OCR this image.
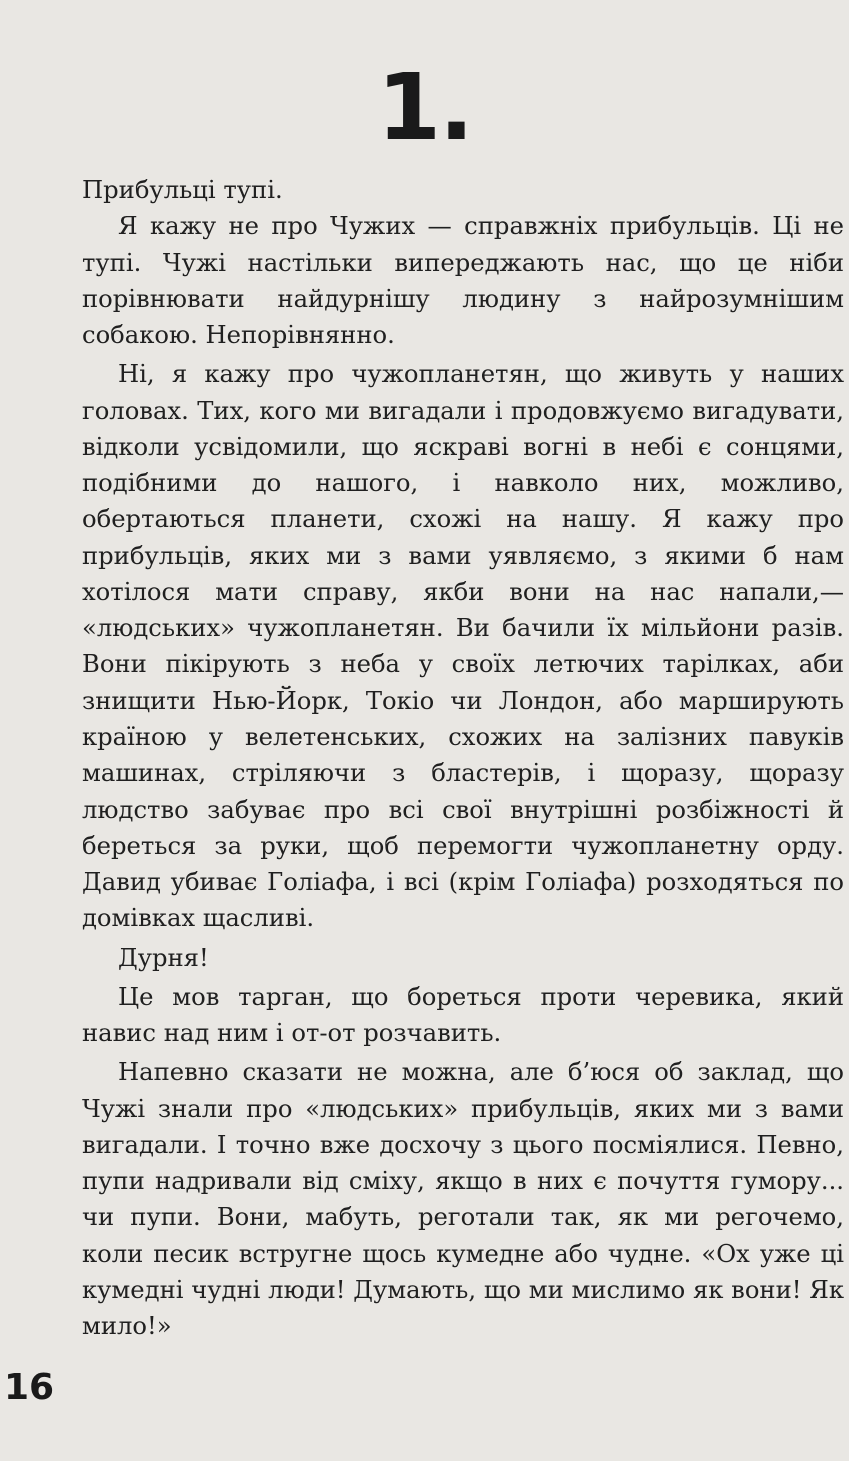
1.

Прибульці тупі.

Я кажу не про Чужих — справжніх прибульців. Ці не тупі. Чужі настільки випереджають нас, що це ніби порівнювати найдурнішу людину з найрозумнішим собакою. Непорівнянно.

Ні, я кажу про чужопланетян, що живуть у наших головах. Тих, кого ми вигадали і продовжуємо вигадувати, відколи усвідомили, що яскраві вогні в небі є сонцями, подібними до нашого, і навколо них, можливо, обертаються планети, схожі на нашу. Я кажу про прибульців, яких ми з вами уявляємо, з якими б нам хотілося мати справу, якби вони на нас напали,— «людських» чужопланетян. Ви бачили їх мільйони разів. Вони пікірують з неба у своїх летючих тарілках, аби знищити Нью-Йорк, Токіо чи Лондон, або марширують країною у велетенських, схожих на залізних павуків машинах, стріляючи з бластерів, і щоразу, щоразу людство забуває про всі свої внутрішні розбіжності й береться за руки, щоб перемогти чужопланетну орду. Давид убиває Голіафа, і всі (крім Голіафа) розходяться по домівках щасливі.

Дурня!

Це мов тарган, що бореться проти черевика, який навис над ним і от-от розчавить.

Напевно сказати не можна, але б’юся об заклад, що Чужі знали про «людських» прибульців, яких ми з вами вигадали. І точно вже досхочу з цього посміялися. Певно, пупи надривали від сміху, якщо в них є почуття гумору... чи пупи. Вони, мабуть, реготали так, як ми регочемо, коли песик встругне щось кумедне або чудне. «Ох уже ці кумедні чудні люди! Думають, що ми мислимо як вони! Як мило!»

16
